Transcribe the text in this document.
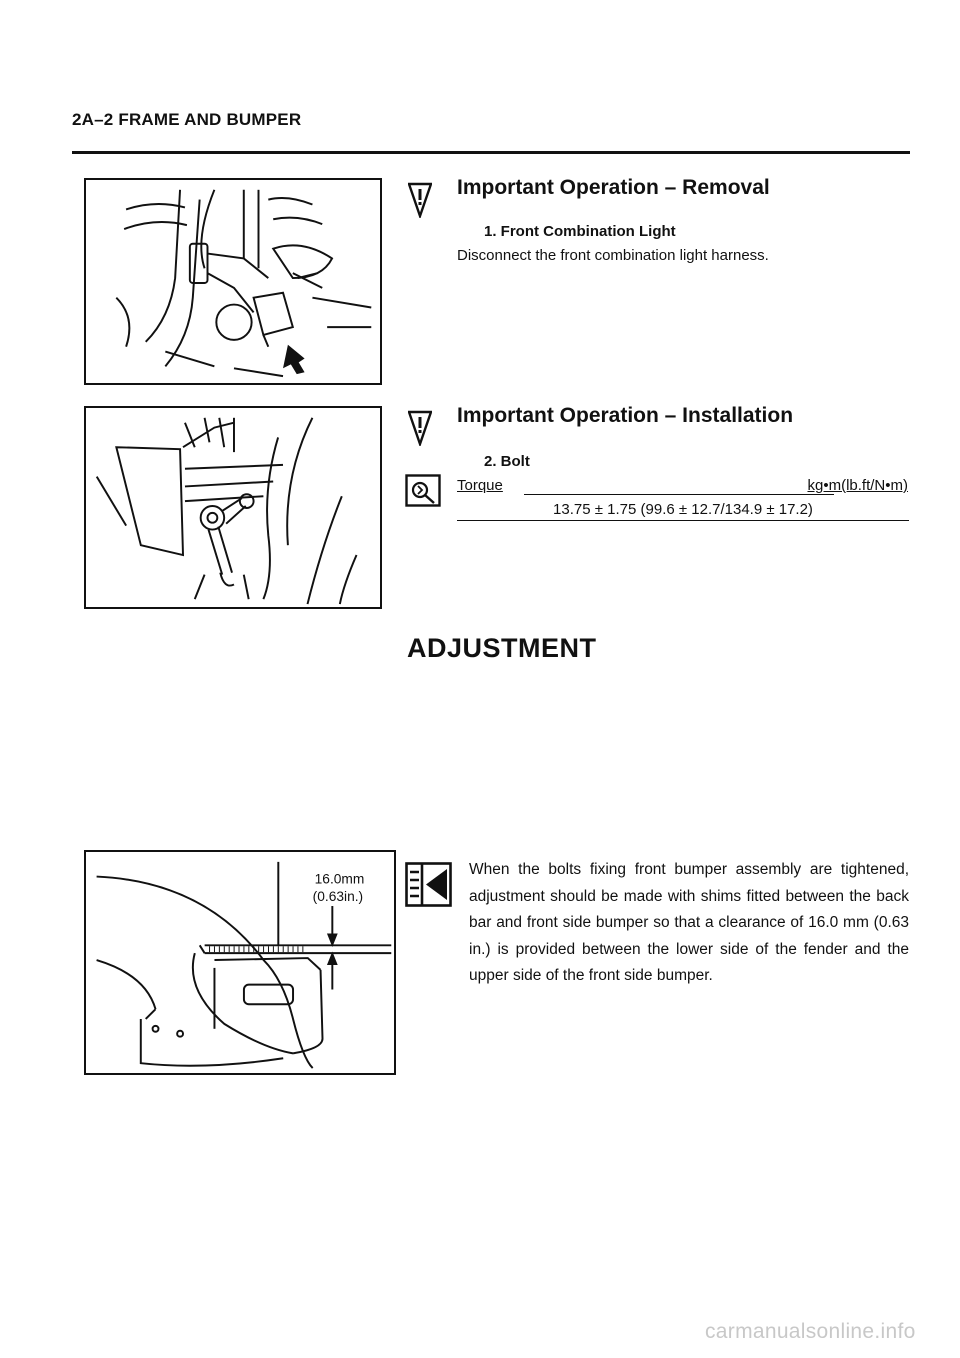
2A–2 FRAME AND BUMPER
Important Operation – Removal
1. Front Combination Light
Disconnect the front combination light harness.
Important Operation – Installation
2. Bolt
Torque	kg•m(lb.ft/N•m)
13.75 ± 1.75 (99.6 ± 12.7/134.9 ± 17.2)
ADJUSTMENT
16.0mm
(0.63in.)
When the bolts fixing front bumper assembly are tightened, adjustment should be made with shims fitted between the back bar and front side bumper so that a clearance of 16.0 mm (0.63 in.) is provided between the lower side of the fender and the upper side of the front side bumper.
carmanualsonline.info
